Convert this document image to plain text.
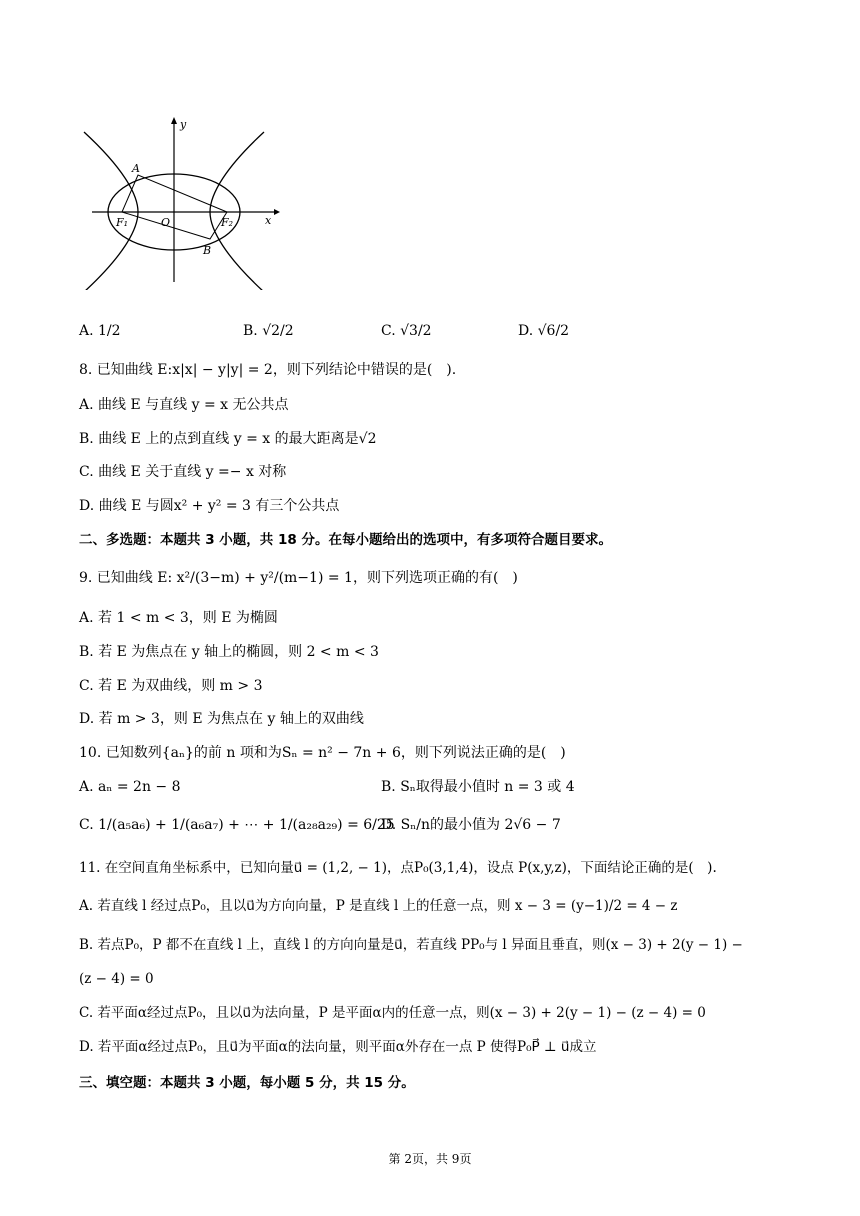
y
x
A
B
O
F₁	F₂
A. 1/2	B. √2/2	C. √3/2	D. √6/2
8. 已知曲线 E:x|x| − y|y| = 2，则下列结论中错误的是(　).
A. 曲线 E 与直线 y = x 无公共点
B. 曲线 E 上的点到直线 y = x 的最大距离是√2
C. 曲线 E 关于直线 y =− x 对称
D. 曲线 E 与圆x² + y² = 3 有三个公共点
二、多选题：本题共 3 小题，共 18 分。在每小题给出的选项中，有多项符合题目要求。
9. 已知曲线 E: x²/(3−m) + y²/(m−1) = 1，则下列选项正确的有(　)
A. 若 1 < m < 3，则 E 为椭圆
B. 若 E 为焦点在 y 轴上的椭圆，则 2 < m < 3
C. 若 E 为双曲线，则 m > 3
D. 若 m > 3，则 E 为焦点在 y 轴上的双曲线
10. 已知数列{aₙ}的前 n 项和为Sₙ = n² − 7n + 6，则下列说法正确的是(　)
A. aₙ = 2n − 8	B. Sₙ取得最小值时 n = 3 或 4
C. 1/(a₅a₆) + 1/(a₆a₇) + ⋯ + 1/(a₂₈a₂₉) = 6/25
D. Sₙ/n的最小值为 2√6 − 7
11. 在空间直角坐标系中，已知向量u⃗ = (1,2, − 1)，点P₀(3,1,4)，设点 P(x,y,z)，下面结论正确的是(　).
A. 若直线 l 经过点P₀，且以u⃗为方向向量，P 是直线 l 上的任意一点，则 x − 3 = (y−1)/2 = 4 − z
B. 若点P₀，P 都不在直线 l 上，直线 l 的方向向量是u⃗，若直线 PP₀与 l 异面且垂直，则(x − 3) + 2(y − 1) −
(z − 4) = 0
C. 若平面α经过点P₀，且以u⃗为法向量，P 是平面α内的任意一点，则(x − 3) + 2(y − 1) − (z − 4) = 0
D. 若平面α经过点P₀，且u⃗为平面α的法向量，则平面α外存在一点 P 使得P₀P⃗ ⊥ u⃗成立
三、填空题：本题共 3 小题，每小题 5 分，共 15 分。
第 2页，共 9页
